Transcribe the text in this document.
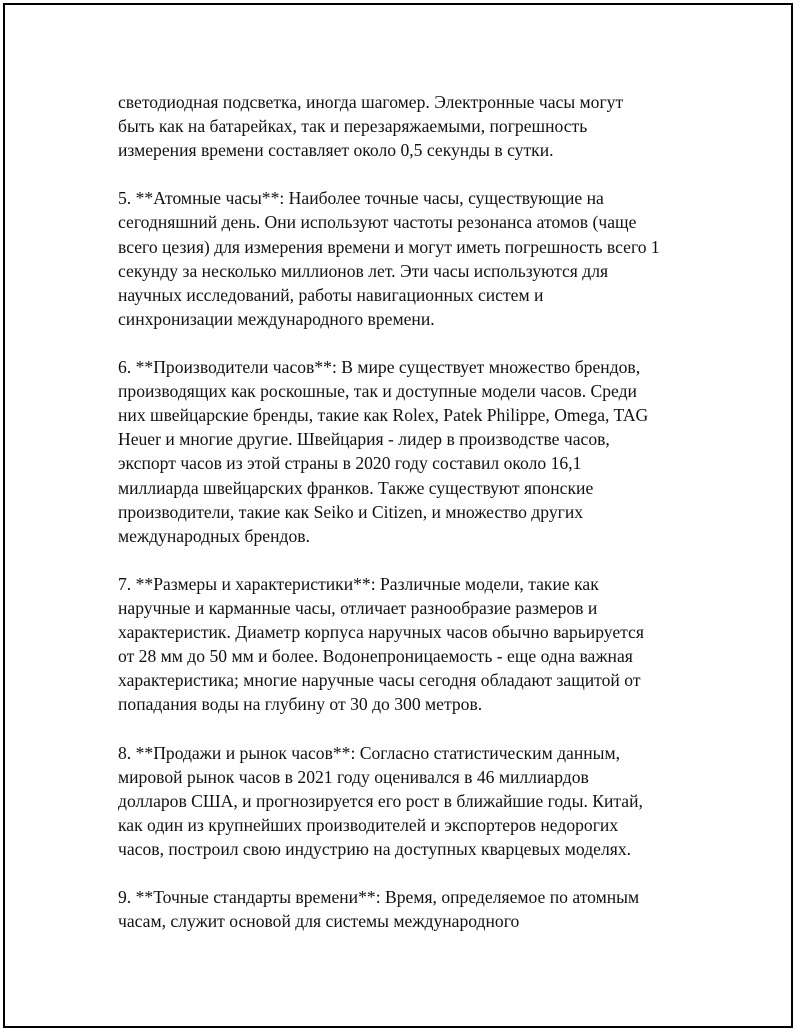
светодиодная подсветка, иногда шагомер. Электронные часы могут
быть как на батарейках, так и перезаряжаемыми, погрешность
измерения времени составляет около 0,5 секунды в сутки.

5. **Атомные часы**: Наиболее точные часы, существующие на
сегодняшний день. Они используют частоты резонанса атомов (чаще
всего цезия) для измерения времени и могут иметь погрешность всего 1
секунду за несколько миллионов лет. Эти часы используются для
научных исследований, работы навигационных систем и
синхронизации международного времени.

6. **Производители часов**: В мире существует множество брендов,
производящих как роскошные, так и доступные модели часов. Среди
них швейцарские бренды, такие как Rolex, Patek Philippe, Omega, TAG
Heuer и многие другие. Швейцария - лидер в производстве часов,
экспорт часов из этой страны в 2020 году составил около 16,1
миллиарда швейцарских франков. Также существуют японские
производители, такие как Seiko и Citizen, и множество других
международных брендов.

7. **Размеры и характеристики**: Различные модели, такие как
наручные и карманные часы, отличает разнообразие размеров и
характеристик. Диаметр корпуса наручных часов обычно варьируется
от 28 мм до 50 мм и более. Водонепроницаемость - еще одна важная
характеристика; многие наручные часы сегодня обладают защитой от
попадания воды на глубину от 30 до 300 метров.

8. **Продажи и рынок часов**: Согласно статистическим данным,
мировой рынок часов в 2021 году оценивался в 46 миллиардов
долларов США, и прогнозируется его рост в ближайшие годы. Китай,
как один из крупнейших производителей и экспортеров недорогих
часов, построил свою индустрию на доступных кварцевых моделях.

9. **Точные стандарты времени**: Время, определяемое по атомным
часам, служит основой для системы международного
